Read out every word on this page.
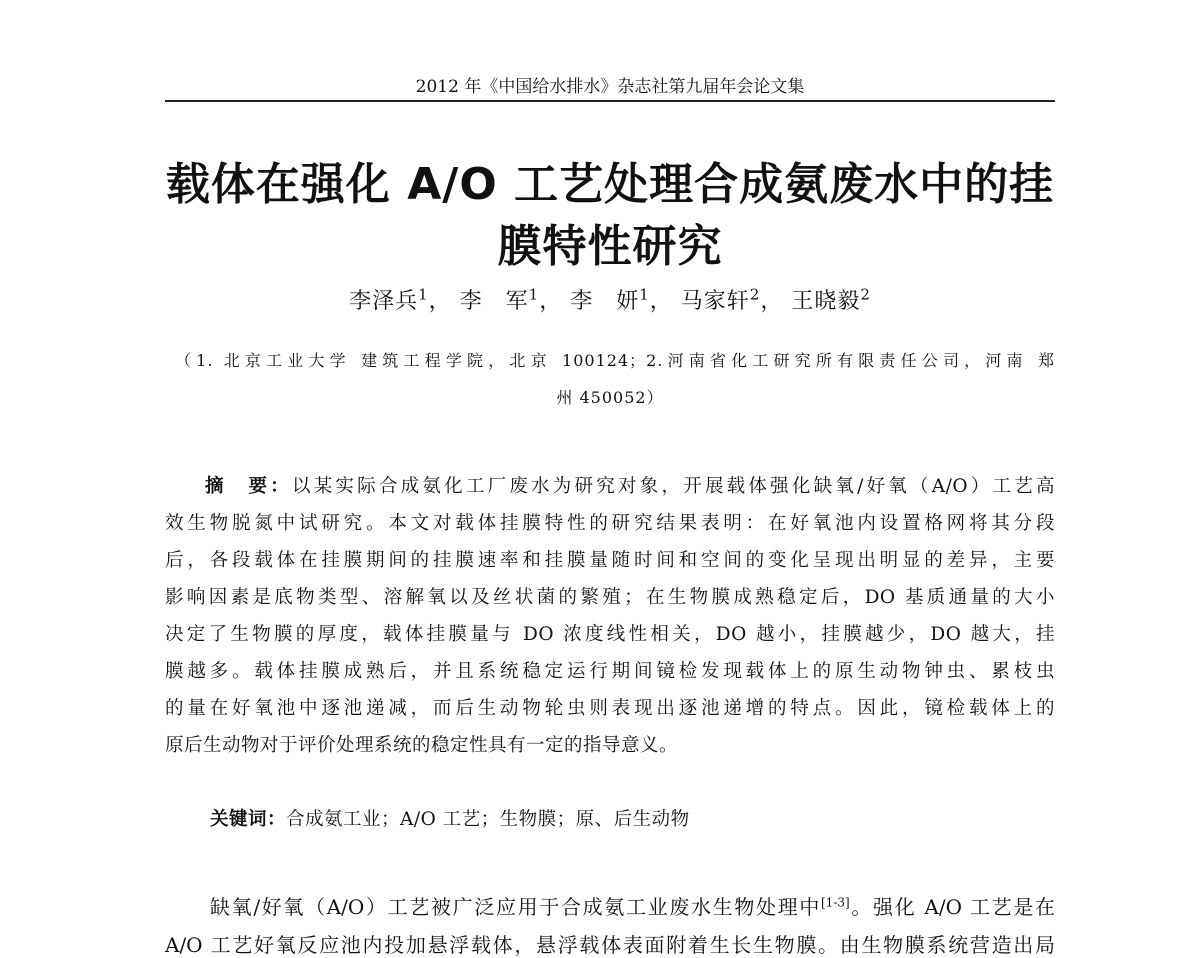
2012 年《中国给水排水》杂志社第九届年会论文集
载体在强化 A/O 工艺处理合成氨废水中的挂
膜特性研究
李泽兵$^1$， 李　军$^1$， 李　妍$^1$， 马家轩$^2$， 王晓毅$^2$
（1. 北京工业大学 建筑工程学院，北京 100124；2.河南省化工研究所有限责任公司，河南 郑
州 450052）
摘　要：以某实际合成氨化工厂废水为研究对象，开展载体强化缺氧/好氧（A/O）工艺高
效生物脱氮中试研究。本文对载体挂膜特性的研究结果表明：在好氧池内设置格网将其分段
后，各段载体在挂膜期间的挂膜速率和挂膜量随时间和空间的变化呈现出明显的差异，主要
影响因素是底物类型、溶解氧以及丝状菌的繁殖；在生物膜成熟稳定后，DO 基质通量的大小
决定了生物膜的厚度，载体挂膜量与 DO 浓度线性相关，DO 越小，挂膜越少，DO 越大，挂
膜越多。载体挂膜成熟后，并且系统稳定运行期间镜检发现载体上的原生动物钟虫、累枝虫
的量在好氧池中逐池递减，而后生动物轮虫则表现出逐池递增的特点。因此，镜检载体上的
原后生动物对于评价处理系统的稳定性具有一定的指导意义。
关键词：合成氨工业；A/O 工艺；生物膜；原、后生动物
缺氧/好氧（A/O）工艺被广泛应用于合成氨工业废水生物处理中[1-3]。强化 A/O 工艺是在
A/O 工艺好氧反应池内投加悬浮载体，悬浮载体表面附着生长生物膜。由生物膜系统营造出局
